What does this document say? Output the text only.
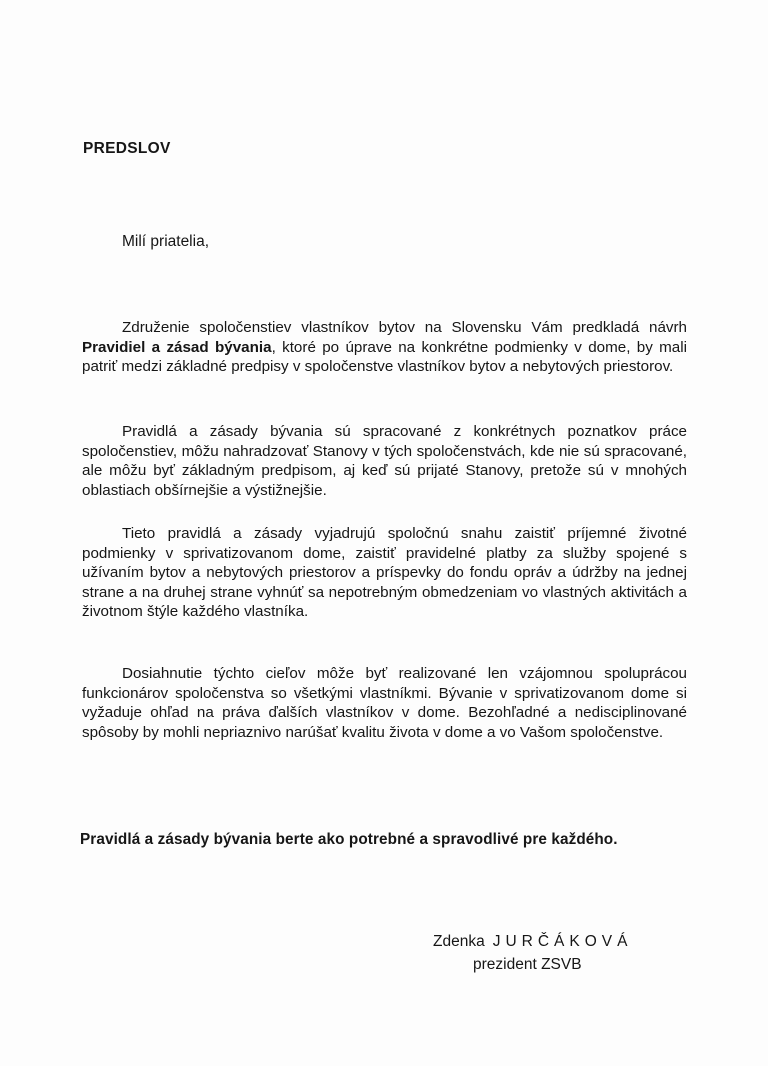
PREDSLOV
Milí priatelia,

Združenie spoločenstiev vlastníkov bytov na Slovensku Vám predkladá návrh Pravidiel a zásad bývania, ktoré po úprave na konkrétne podmienky v dome, by mali patriť medzi základné predpisy v spoločenstve vlastníkov bytov a nebytových priestorov.

Pravidlá a zásady bývania sú spracované z konkrétnych poznatkov práce spoločenstiev, môžu nahradzovať Stanovy v tých spoločenstvách, kde nie sú spracované, ale môžu byť základným predpisom, aj keď sú prijaté Stanovy, pretože sú v mnohých oblastiach obšírnejšie a výstižnejšie.

Tieto pravidlá a zásady vyjadrujú spoločnú snahu zaistiť príjemné životné podmienky v sprivatizovanom dome, zaistiť pravidelné platby za služby spojené s užívaním bytov a nebytových priestorov a príspevky do fondu opráv a údržby na jednej strane a na druhej strane vyhnúť sa nepotrebným obmedzeniam vo vlastných aktivitách a životnom štýle každého vlastníka.

Dosiahnutie týchto cieľov môže byť realizované len vzájomnou spoluprácou funkcionárov spoločenstva so všetkými vlastníkmi. Bývanie v sprivatizovanom dome si vyžaduje ohľad na práva ďalších vlastníkov v dome. Bezohľadné a nedisciplinované spôsoby by mohli nepriaznivo narúšať kvalitu života v dome a vo Vašom spoločenstve.

Pravidlá a zásady bývania berte ako potrebné a spravodlivé pre každého.
Zdenka JURČÁKOVÁ
prezident ZSVB
